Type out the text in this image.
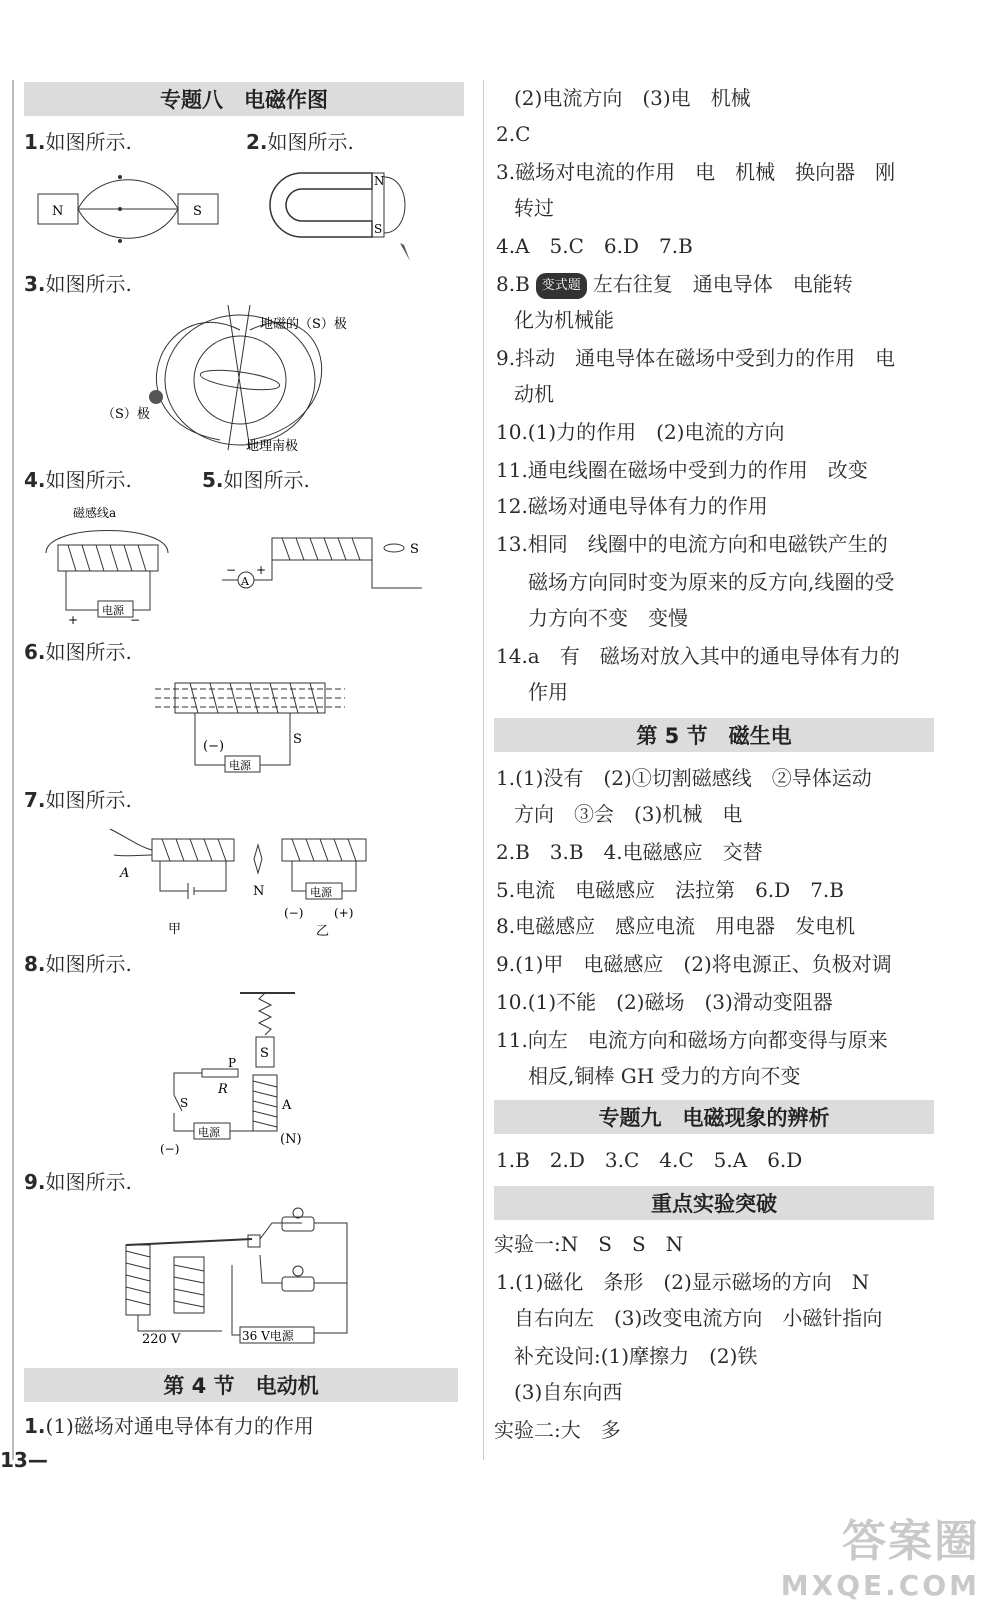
专题八　电磁作图
1.如图所示.	2.如图所示.
N	S
N
S
3.如图所示.
地磁的（S）极
（S）极
地理南极
4.如图所示.	5.如图所示.
磁感线a
电源
+	−
A
S
− +
6.如图所示.
电源
(−)	S
7.如图所示.
A
N	电源
(−)	(+)
甲	乙
8.如图所示.
S
A
P
R
电源
S
(−)
(N)
9.如图所示.
36 V电源
220 V
第 4 节　电动机
1.(1)磁场对通电导体有力的作用
13—
(2)电流方向　(3)电　机械
2.C
3.磁场对电流的作用　电　机械　换向器　刚
转过
4.A　5.C　6.D　7.B
8.B 变式题 左右往复　通电导体　电能转
化为机械能
9.抖动　通电导体在磁场中受到力的作用　电
动机
10.(1)力的作用　(2)电流的方向
11.通电线圈在磁场中受到力的作用　改变
12.磁场对通电导体有力的作用
13.相同　线圈中的电流方向和电磁铁产生的
磁场方向同时变为原来的反方向,线圈的受
力方向不变　变慢
14.a　有　磁场对放入其中的通电导体有力的
作用
第 5 节　磁生电
1.(1)没有　(2)①切割磁感线　②导体运动
方向　③会　(3)机械　电
2.B　3.B　4.电磁感应　交替
5.电流　电磁感应　法拉第　6.D　7.B
8.电磁感应　感应电流　用电器　发电机
9.(1)甲　电磁感应　(2)将电源正、负极对调
10.(1)不能　(2)磁场　(3)滑动变阻器
11.向左　电流方向和磁场方向都变得与原来
相反,铜棒 GH 受力的方向不变
专题九　电磁现象的辨析
1.B　2.D　3.C　4.C　5.A　6.D
重点实验突破
实验一:N　S　S　N
1.(1)磁化　条形　(2)显示磁场的方向　N
自右向左　(3)改变电流方向　小磁针指向
补充设问:(1)摩擦力　(2)铁
(3)自东向西
实验二:大　多
答案圈
MXQE.COM
